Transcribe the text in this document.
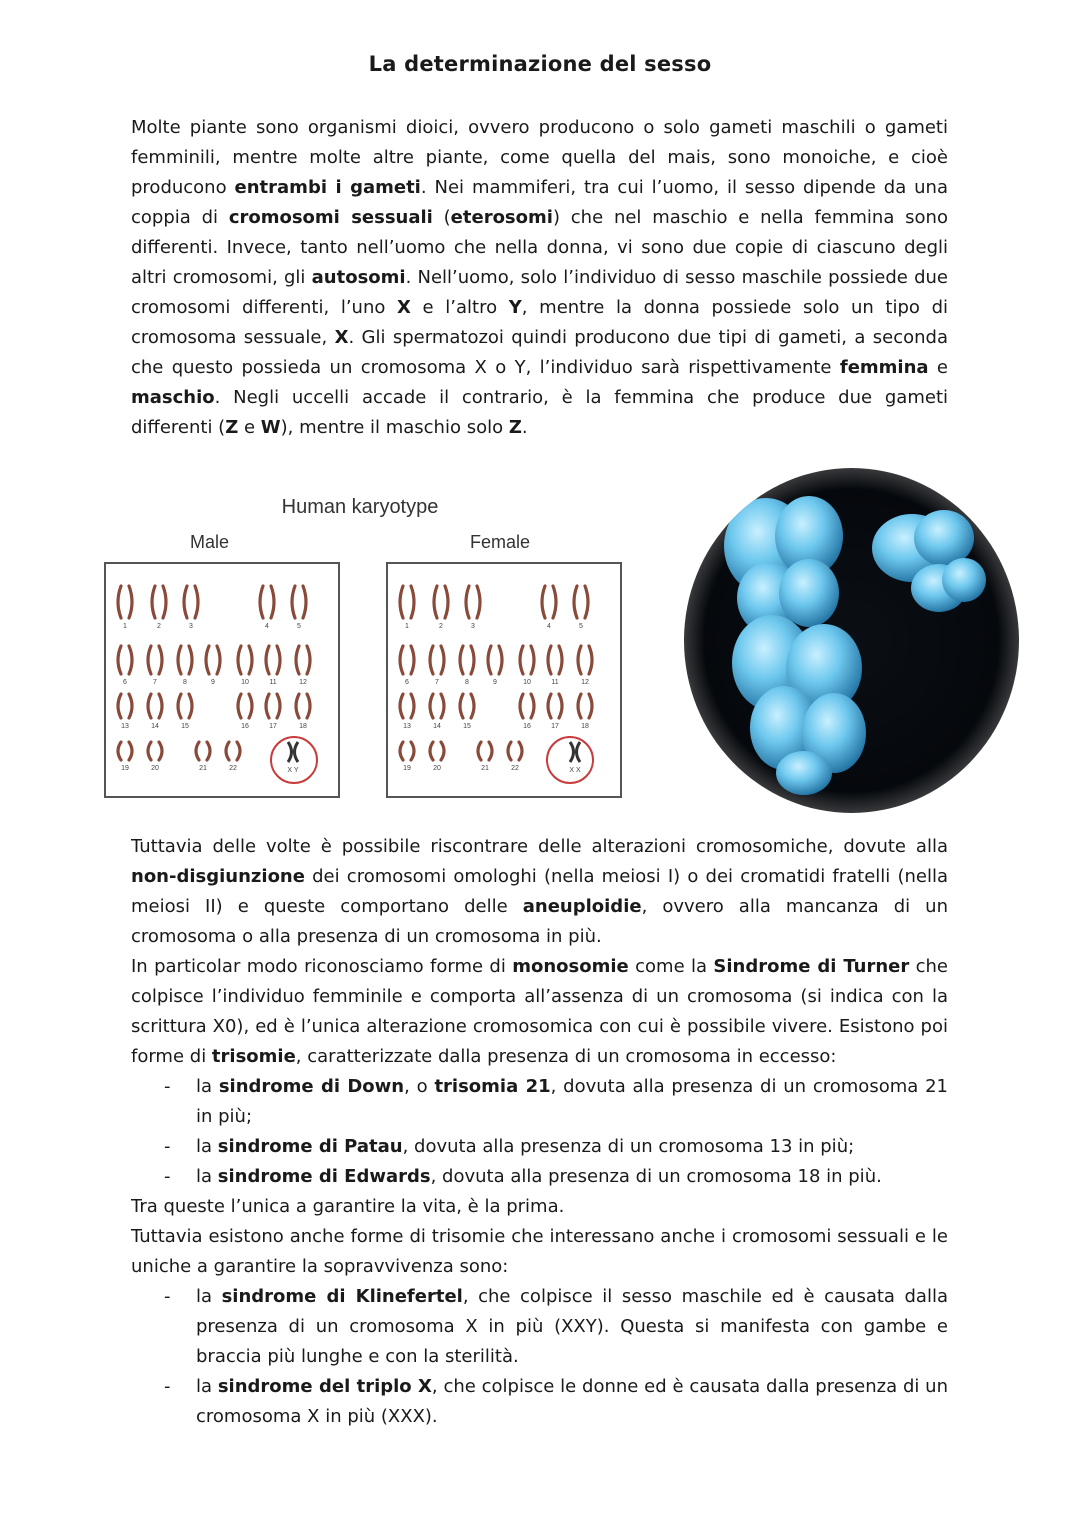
La determinazione del sesso

Molte piante sono organismi dioici, ovvero producono o solo gameti maschili o gameti femminili, mentre molte altre piante, come quella del mais, sono monoiche, e cioè producono entrambi i gameti. Nei mammiferi, tra cui l’uomo, il sesso dipende da una coppia di cromosomi sessuali (eterosomi) che nel maschio e nella femmina sono differenti. Invece, tanto nell’uomo che nella donna, vi sono due copie di ciascuno degli altri cromosomi, gli autosomi. Nell’uomo, solo l’individuo di sesso maschile possiede due cromosomi differenti, l’uno X e l’altro Y, mentre la donna possiede solo un tipo di cromosoma sessuale, X. Gli spermatozoi quindi producono due tipi di gameti, a seconda che questo possieda un cromosoma X o Y, l’individuo sarà rispettivamente femmina e maschio. Negli uccelli accade il contrario, è la femmina che produce due gameti differenti (Z e W), mentre il maschio solo Z.

Human karyotype
Male	Female
1	2	3	4	5
6	7	8	9	10	11	12
13	14	15	16	17	18
19	20	21	22	X Y
1	2	3	4	5
6	7	8	9	10	11	12
13	14	15	16	17	18
19	20	21	22	X X

Tuttavia delle volte è possibile riscontrare delle alterazioni cromosomiche, dovute alla non-disgiunzione dei cromosomi omologhi (nella meiosi I) o dei cromatidi fratelli (nella meiosi II) e queste comportano delle aneuploidie, ovvero alla mancanza di un cromosoma o alla presenza di un cromosoma in più.

In particolar modo riconosciamo forme di monosomie come la Sindrome di Turner che colpisce l’individuo femminile e comporta all’assenza di un cromosoma (si indica con la scrittura X0), ed è l’unica alterazione cromosomica con cui è possibile vivere. Esistono poi forme di trisomie, caratterizzate dalla presenza di un cromosoma in eccesso:

- la sindrome di Down, o trisomia 21, dovuta alla presenza di un cromosoma 21 in più;
- la sindrome di Patau, dovuta alla presenza di un cromosoma 13 in più;
- la sindrome di Edwards, dovuta alla presenza di un cromosoma 18 in più.

Tra queste l’unica a garantire la vita, è la prima.

Tuttavia esistono anche forme di trisomie che interessano anche i cromosomi sessuali e le uniche a garantire la sopravvivenza sono:

- la sindrome di Klinefertel, che colpisce il sesso maschile ed è causata dalla presenza di un cromosoma X in più (XXY). Questa si manifesta con gambe e braccia più lunghe e con la sterilità.
- la sindrome del triplo X, che colpisce le donne ed è causata dalla presenza di un cromosoma X in più (XXX).
